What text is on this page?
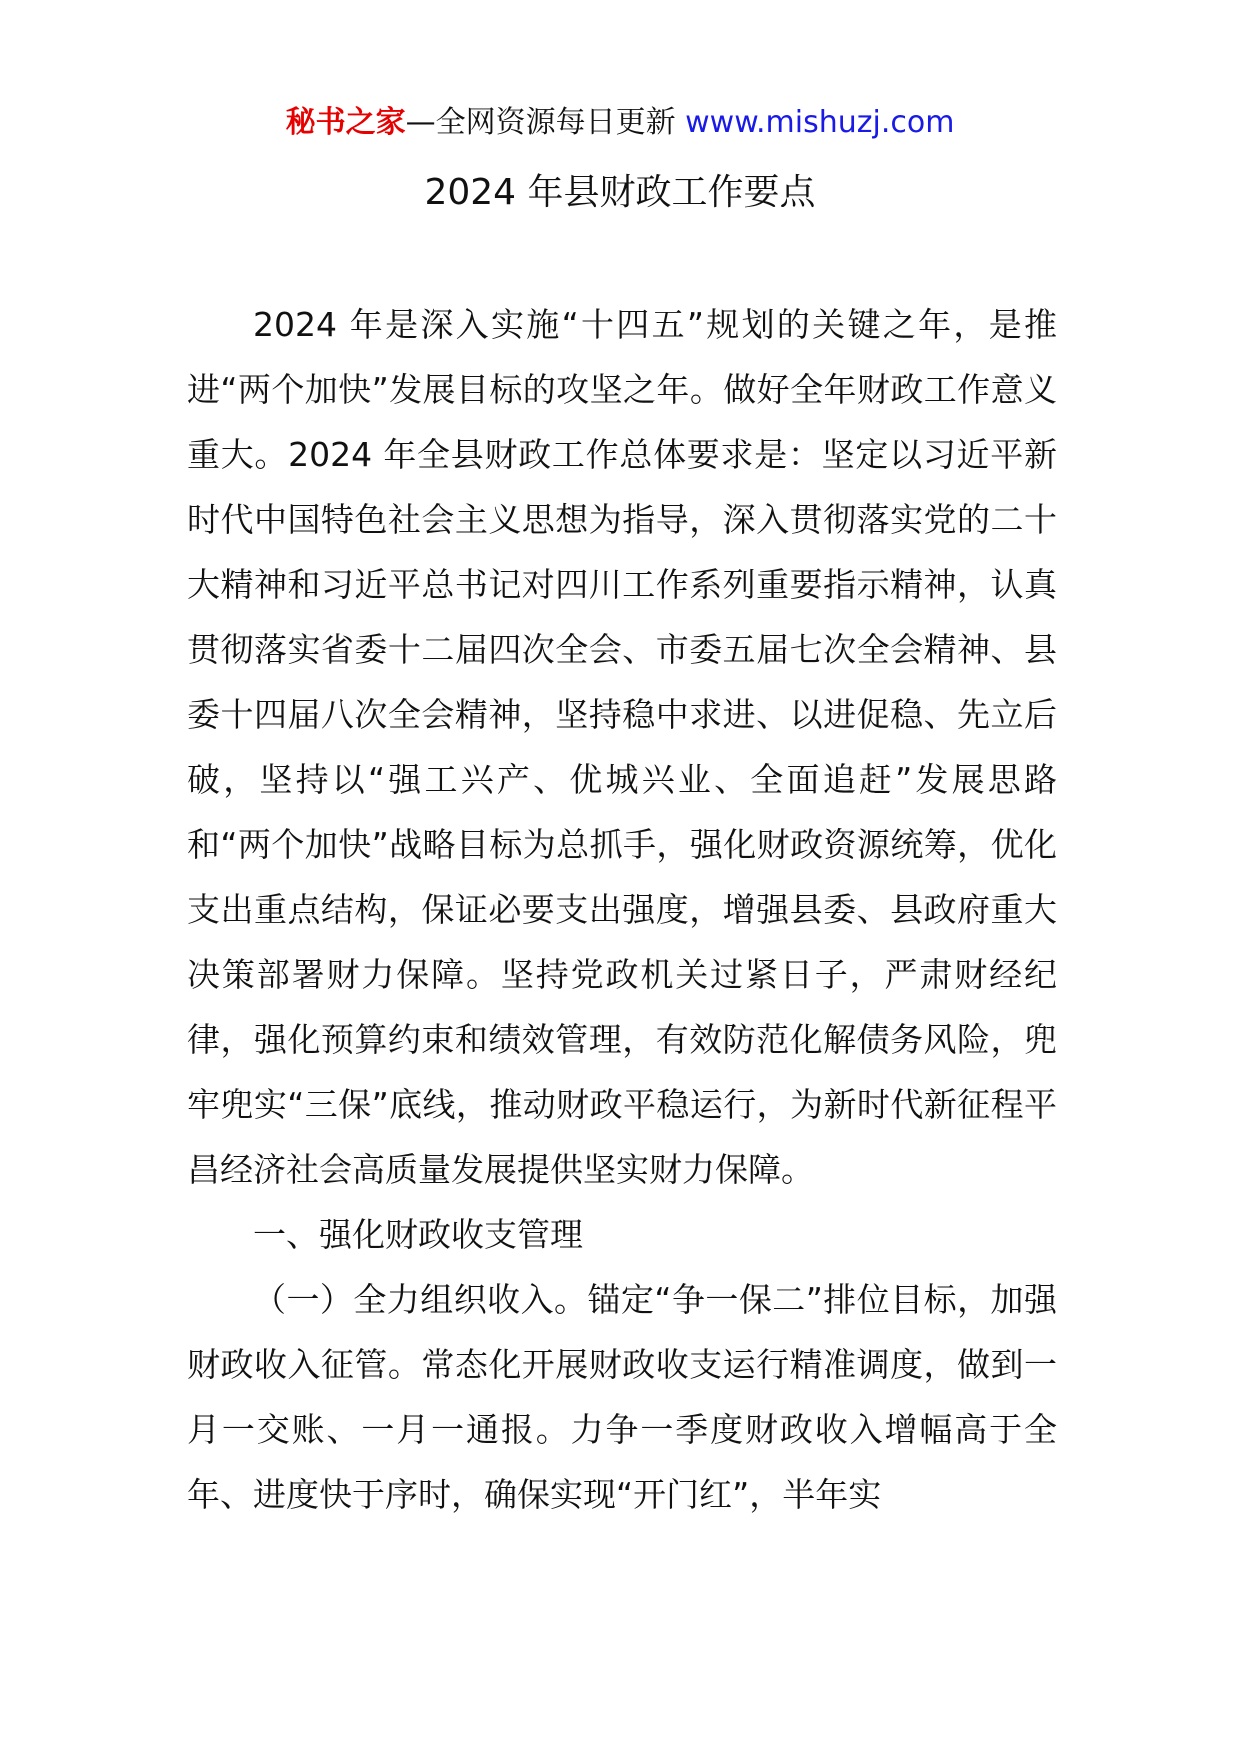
秘书之家—全网资源每日更新 www.mishuzj.com
2024 年县财政工作要点

2024 年是深入实施“十四五”规划的关键之年，是推进“两个加快”发展目标的攻坚之年。做好全年财政工作意义重大。2024 年全县财政工作总体要求是：坚定以习近平新时代中国特色社会主义思想为指导，深入贯彻落实党的二十大精神和习近平总书记对四川工作系列重要指示精神，认真贯彻落实省委十二届四次全会、市委五届七次全会精神、县委十四届八次全会精神，坚持稳中求进、以进促稳、先立后破，坚持以“强工兴产、优城兴业、全面追赶”发展思路和“两个加快”战略目标为总抓手，强化财政资源统筹，优化支出重点结构，保证必要支出强度，增强县委、县政府重大决策部署财力保障。坚持党政机关过紧日子，严肃财经纪律，强化预算约束和绩效管理，有效防范化解债务风险，兜牢兜实“三保”底线，推动财政平稳运行，为新时代新征程平昌经济社会高质量发展提供坚实财力保障。

一、强化财政收支管理

（一）全力组织收入。锚定“争一保二”排位目标，加强财政收入征管。常态化开展财政收支运行精准调度，做到一月一交账、一月一通报。力争一季度财政收入增幅高于全年、进度快于序时，确保实现“开门红”，半年实
